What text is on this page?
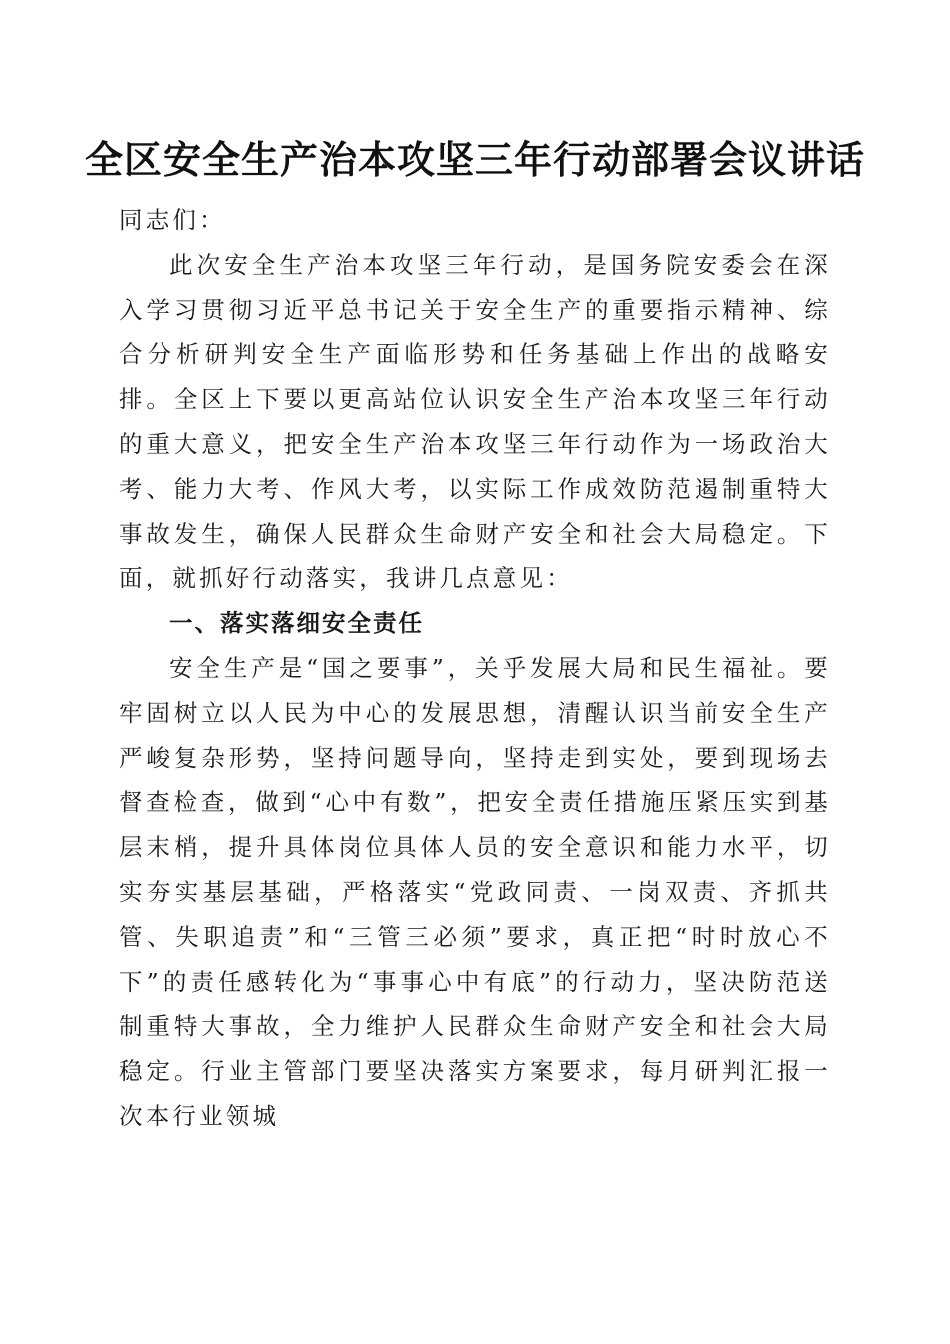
全区安全生产治本攻坚三年行动部署会议讲话

同志们：

此次安全生产治本攻坚三年行动，是国务院安委会在深入学习贯彻习近平总书记关于安全生产的重要指示精神、综合分析研判安全生产面临形势和任务基础上作出的战略安排。全区上下要以更高站位认识安全生产治本攻坚三年行动的重大意义，把安全生产治本攻坚三年行动作为一场政治大考、能力大考、作风大考，以实际工作成效防范遏制重特大事故发生，确保人民群众生命财产安全和社会大局稳定。下面，就抓好行动落实，我讲几点意见：

一、落实落细安全责任

安全生产是“国之要事”，关乎发展大局和民生福祉。要牢固树立以人民为中心的发展思想，清醒认识当前安全生产严峻复杂形势，坚持问题导向，坚持走到实处，要到现场去督查检查，做到“心中有数”，把安全责任措施压紧压实到基层末梢，提升具体岗位具体人员的安全意识和能力水平，切实夯实基层基础，严格落实“党政同责、一岗双责、齐抓共管、失职追责”和“三管三必须”要求，真正把“时时放心不下”的责任感转化为“事事心中有底”的行动力，坚决防范送制重特大事故，全力维护人民群众生命财产安全和社会大局稳定。行业主管部门要坚决落实方案要求，每月研判汇报一次本行业领城
